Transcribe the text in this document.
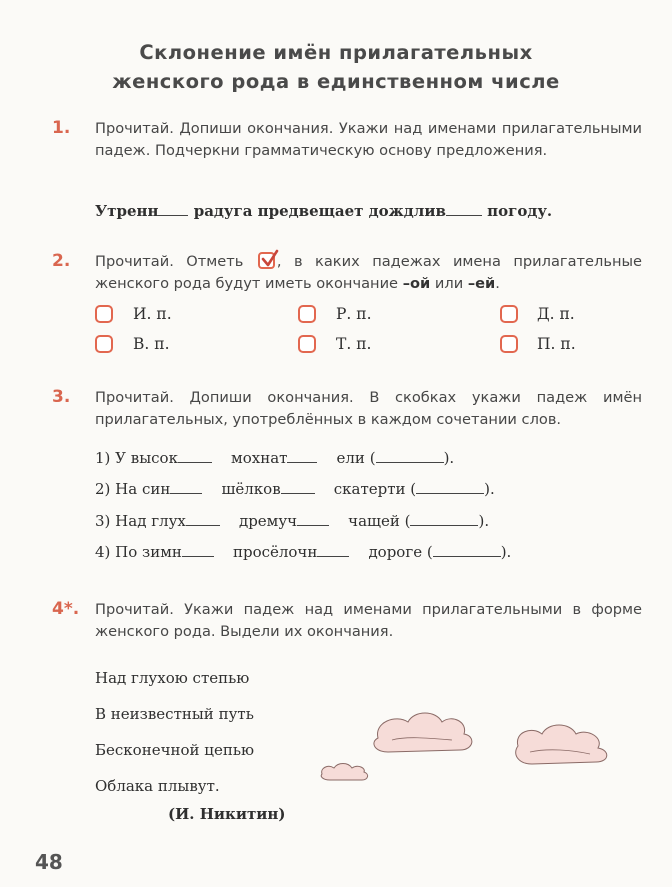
Склонение имён прилагательных
женского рода в единственном числе
1. Прочитай. Допиши окончания. Укажи над именами прилагательными падеж. Подчеркни грамматическую основу предложения.
Утренн радуга предвещает дождлив	погоду.
2. Прочитай. Отметь , в каких падежах имена прилагательные женского рода будут иметь окончание –ой или –ей.
И. п.	Р. п.	Д. п.
В. п.	Т. п.	П. п.
3. Прочитай. Допиши окончания. В скобках укажи падеж имён прилагательных, употреблённых в каждом сочетании слов.
1) У высок	мохнат	ели (	).
2) На син	шёлков	скатерти (	).
3) Над глух	дремуч	чащей (	).
4) По зимн	просёлочн	дороге (	).
4*. Прочитай. Укажи падеж над именами прилагательными в форме женского рода. Выдели их окончания.
Над глухою степью
В неизвестный путь
Бесконечной цепью
Облака плывут.
(И. Никитин)
48
